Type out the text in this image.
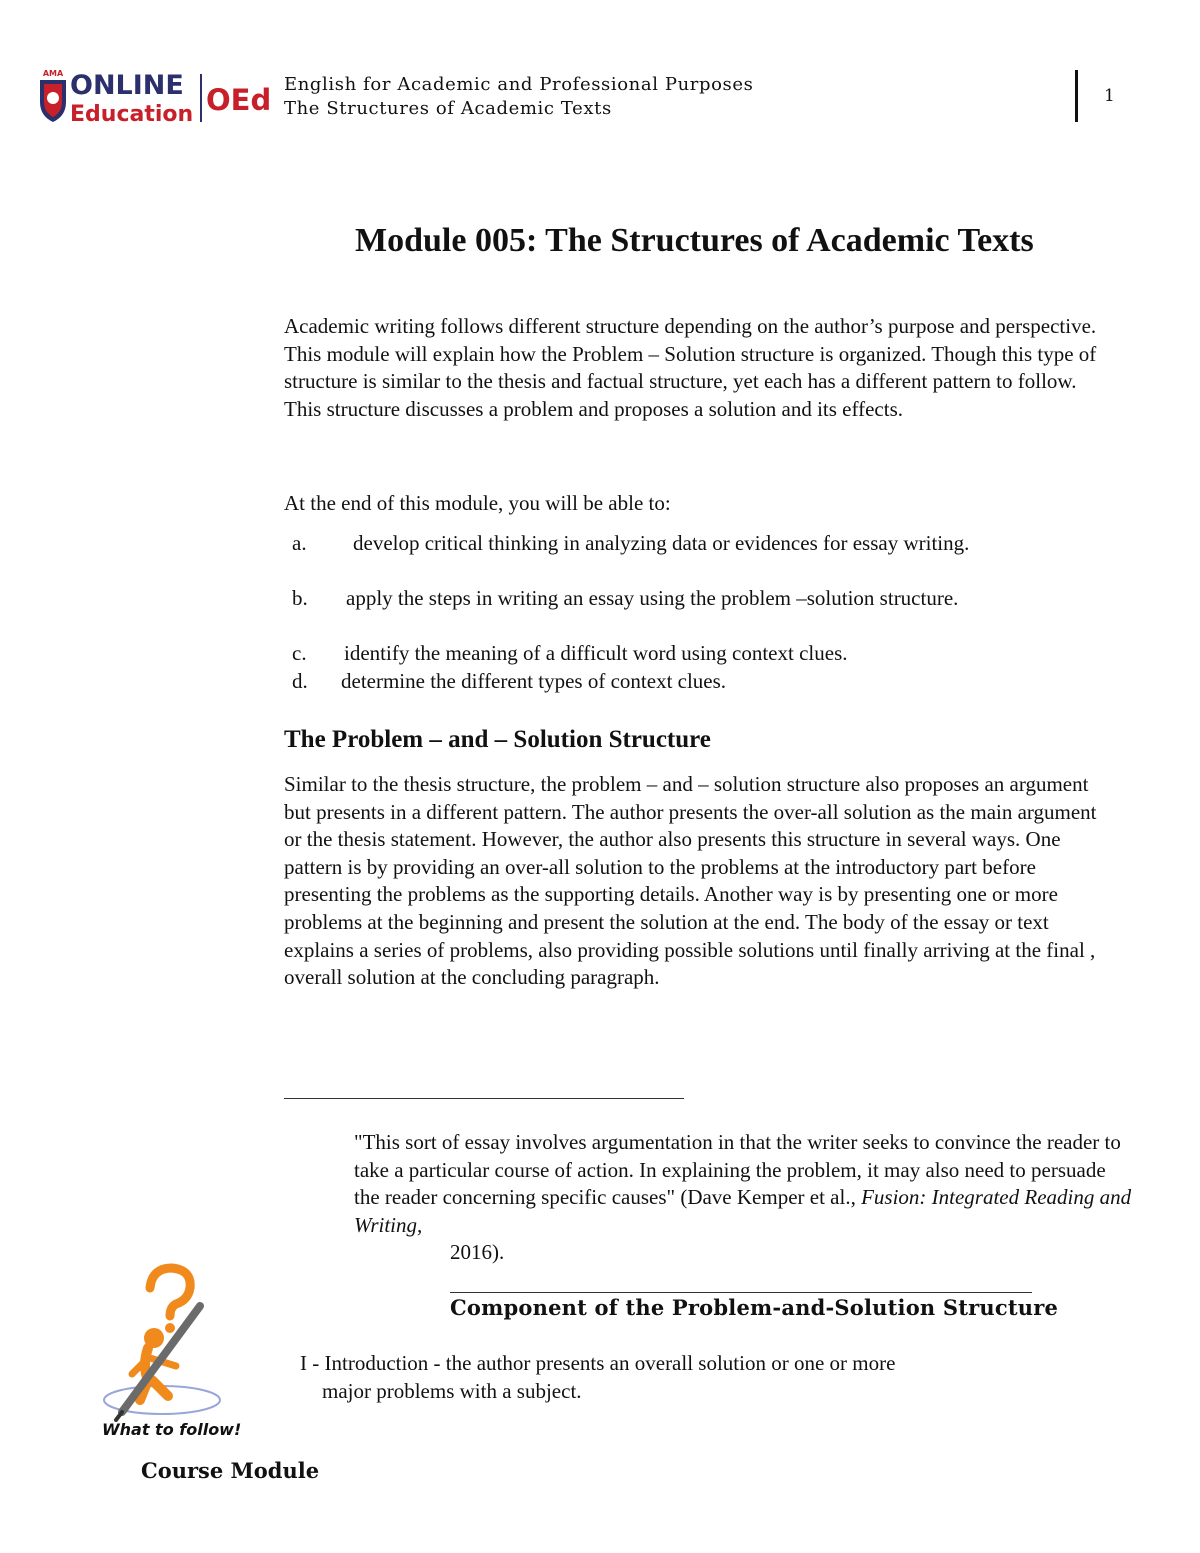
AMA ONLINE
Education OEd English for Academic and Professional Purposes
The Structures of Academic Texts
1
Module 005: The Structures of Academic Texts
Academic writing follows different structure depending on the author’s purpose and perspective. This module will explain how the Problem – Solution structure is organized. Though this type of structure is similar to the thesis and factual structure, yet each has a different pattern to follow. This structure discusses a problem and proposes a solution and its effects.
At the end of this module, you will be able to:
a.	develop critical thinking in analyzing data or evidences for essay writing.
b.	apply the steps in writing an essay using the problem –solution structure.
c.	identify the meaning of a difficult word using context clues.
d.	determine the different types of context clues.
The Problem – and – Solution Structure
Similar to the thesis structure, the problem – and – solution structure also proposes an argument but presents in a different pattern. The author presents the over-all solution as the main argument or the thesis statement. However, the author also presents this structure in several ways. One pattern is by providing an over-all solution to the problems at the introductory part before presenting the problems as the supporting details. Another way is by presenting one or more problems at the beginning and present the solution at the end. The body of the essay or text explains a series of problems, also providing possible solutions until finally arriving at the final , overall solution at the concluding paragraph.
"This sort of essay involves argumentation in that the writer seeks to convince the reader to take a particular course of action. In explaining the problem, it may also need to persuade the reader concerning specific causes" (Dave Kemper et al., Fusion: Integrated Reading and Writing,
2016).
Component of the Problem-and-Solution Structure
I - Introduction - the author presents an overall solution or one or more
major problems with a subject.
What to follow!
Course Module
